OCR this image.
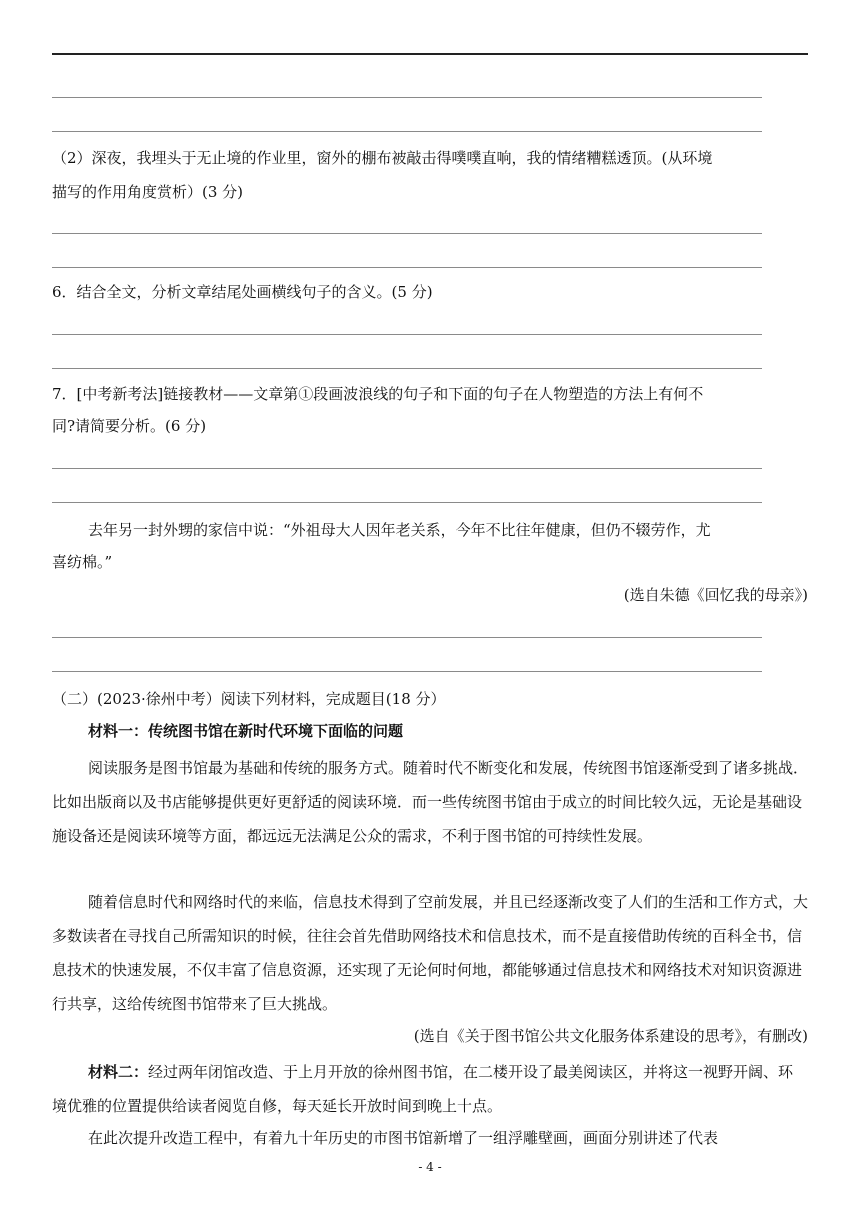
（2）深夜，我埋头于无止境的作业里，窗外的棚布被敲击得噗噗直响，我的情绪糟糕透顶。(从环境
描写的作用角度赏析）(3 分)
6．结合全文，分析文章结尾处画横线句子的含义。(5 分)
7．[中考新考法]链接教材——文章第①段画波浪线的句子和下面的句子在人物塑造的方法上有何不
同?请简要分析。(6 分)
去年另一封外甥的家信中说：“外祖母大人因年老关系，今年不比往年健康，但仍不辍劳作，尤
喜纺棉。”
(选自朱德《回忆我的母亲》)
（二）(2023·徐州中考）阅读下列材料，完成题目(18 分）
材料一：传统图书馆在新时代环境下面临的问题
阅读服务是图书馆最为基础和传统的服务方式。随着时代不断变化和发展，传统图书馆逐渐受到了诸多挑战．比如出版商以及书店能够提供更好更舒适的阅读环境．而一些传统图书馆由于成立的时间比较久远，无论是基础设施设备还是阅读环境等方面，都远远无法满足公众的需求，不利于图书馆的可持续性发展。
随着信息时代和网络时代的来临，信息技术得到了空前发展，并且已经逐渐改变了人们的生活和工作方式，大多数读者在寻找自己所需知识的时候，往往会首先借助网络技术和信息技术，而不是直接借助传统的百科全书，信息技术的快速发展，不仅丰富了信息资源，还实现了无论何时何地，都能够通过信息技术和网络技术对知识资源进行共享，这给传统图书馆带来了巨大挑战。
(选自《关于图书馆公共文化服务体系建设的思考》，有删改)
材料二：经过两年闭馆改造、于上月开放的徐州图书馆，在二楼开设了最美阅读区，并将这一视野开阔、环境优雅的位置提供给读者阅览自修，每天延长开放时间到晚上十点。
在此次提升改造工程中，有着九十年历史的市图书馆新增了一组浮雕壁画，画面分别讲述了代表
- 4 -
